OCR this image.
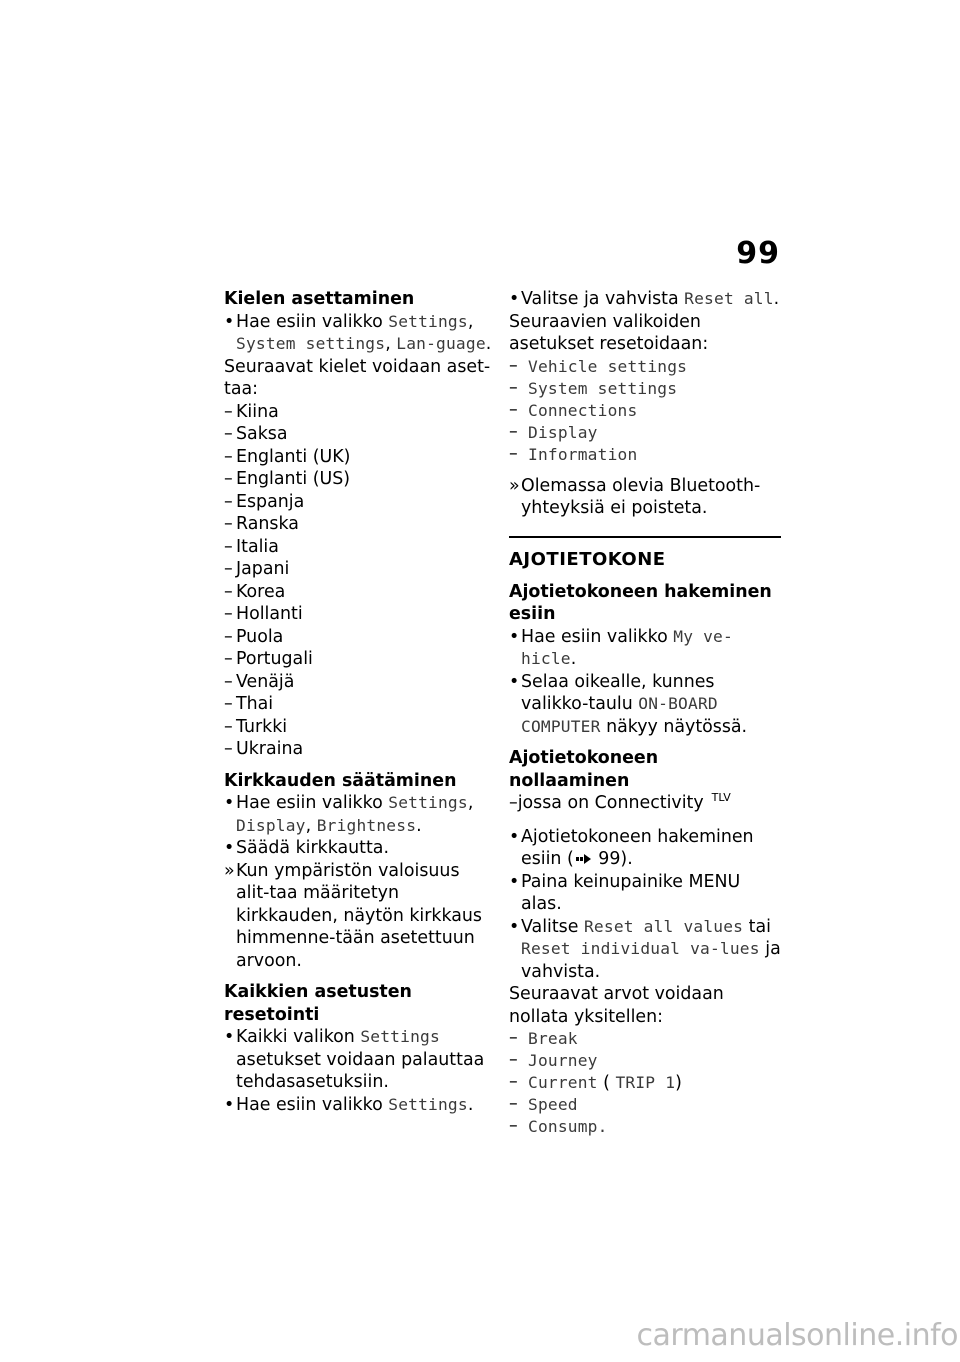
99
Kielen asettaminen
• Hae esiin valikko Settings, System settings, Lan-guage.
Seuraavat kielet voidaan aset-taa:
– Kiina
– Saksa
– Englanti (UK)
– Englanti (US)
– Espanja
– Ranska
– Italia
– Japani
– Korea
– Hollanti
– Puola
– Portugali
– Venäjä
– Thai
– Turkki
– Ukraina
Kirkkauden säätäminen
• Hae esiin valikko Settings, Display, Brightness.
• Säädä kirkkautta.
» Kun ympäristön valoisuus alit-taa määritetyn kirkkauden, näytön kirkkaus himmenne-tään asetettuun arvoon.
Kaikkien asetusten resetointi
• Kaikki valikon Settings asetukset voidaan palauttaa tehdasasetuksiin.
• Hae esiin valikko Settings.
• Valitse ja vahvista Reset all.
Seuraavien valikoiden asetukset resetoidaan:
– Vehicle settings
– System settings
– Connections
– Display
– Information
» Olemassa olevia Bluetooth-yhteyksiä ei poisteta.
AJOTIETOKONE
Ajotietokoneen hakeminen esiin
• Hae esiin valikko My ve-hicle.
• Selaa oikealle, kunnes valikko-taulu ON-BOARD COMPUTER näkyy näytössä.
Ajotietokoneen nollaaminen
–jossa on Connectivity $^{TLV}$
• Ajotietokoneen hakeminen esiin ( 99).
• Paina keinupainike MENU alas.
• Valitse Reset all values tai Reset individual va-lues ja vahvista.
Seuraavat arvot voidaan nollata yksitellen:
– Break
– Journey
– Current ( TRIP 1)
– Speed
– Consump.
carmanualsonline.info
